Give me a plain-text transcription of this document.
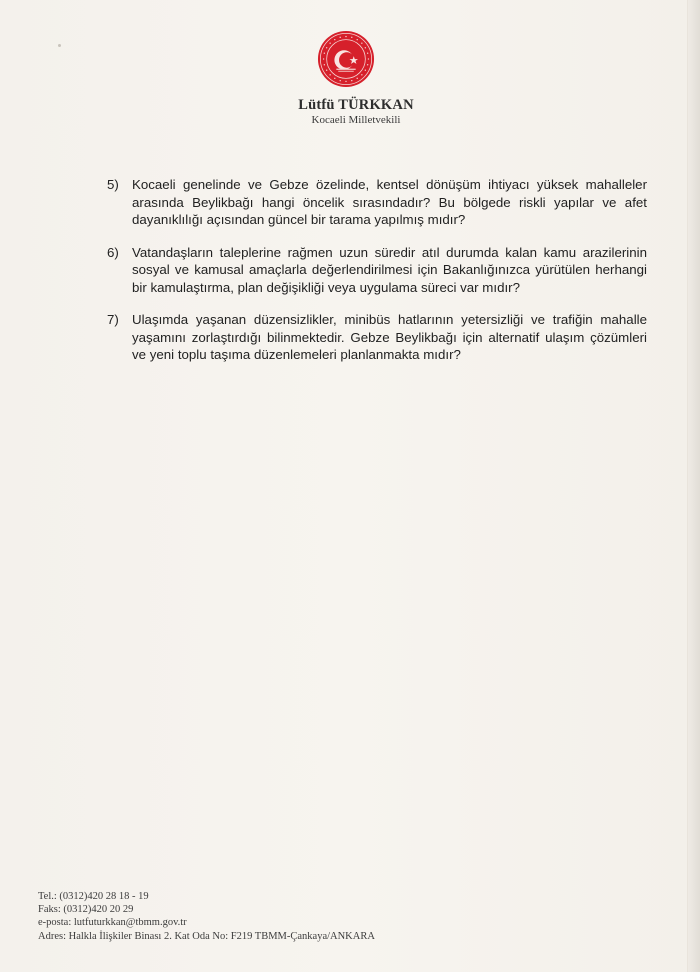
Lütfü TÜRKKAN
Kocaeli Milletvekili
5) Kocaeli genelinde ve Gebze özelinde, kentsel dönüşüm ihtiyacı yüksek mahalleler arasında Beylikbağı hangi öncelik sırasındadır? Bu bölgede riskli yapılar ve afet dayanıklılığı açısından güncel bir tarama yapılmış mıdır?
6) Vatandaşların taleplerine rağmen uzun süredir atıl durumda kalan kamu arazilerinin sosyal ve kamusal amaçlarla değerlendirilmesi için Bakanlığınızca yürütülen herhangi bir kamulaştırma, plan değişikliği veya uygulama süreci var mıdır?
7) Ulaşımda yaşanan düzensizlikler, minibüs hatlarının yetersizliği ve trafiğin mahalle yaşamını zorlaştırdığı bilinmektedir. Gebze Beylikbağı için alternatif ulaşım çözümleri ve yeni toplu taşıma düzenlemeleri planlanmakta mıdır?
Tel.: (0312)420 28 18 - 19
Faks: (0312)420 20 29
e-posta: lutfuturkkan@tbmm.gov.tr
Adres: Halkla İlişkiler Binası 2. Kat Oda No: F219 TBMM-Çankaya/ANKARA
